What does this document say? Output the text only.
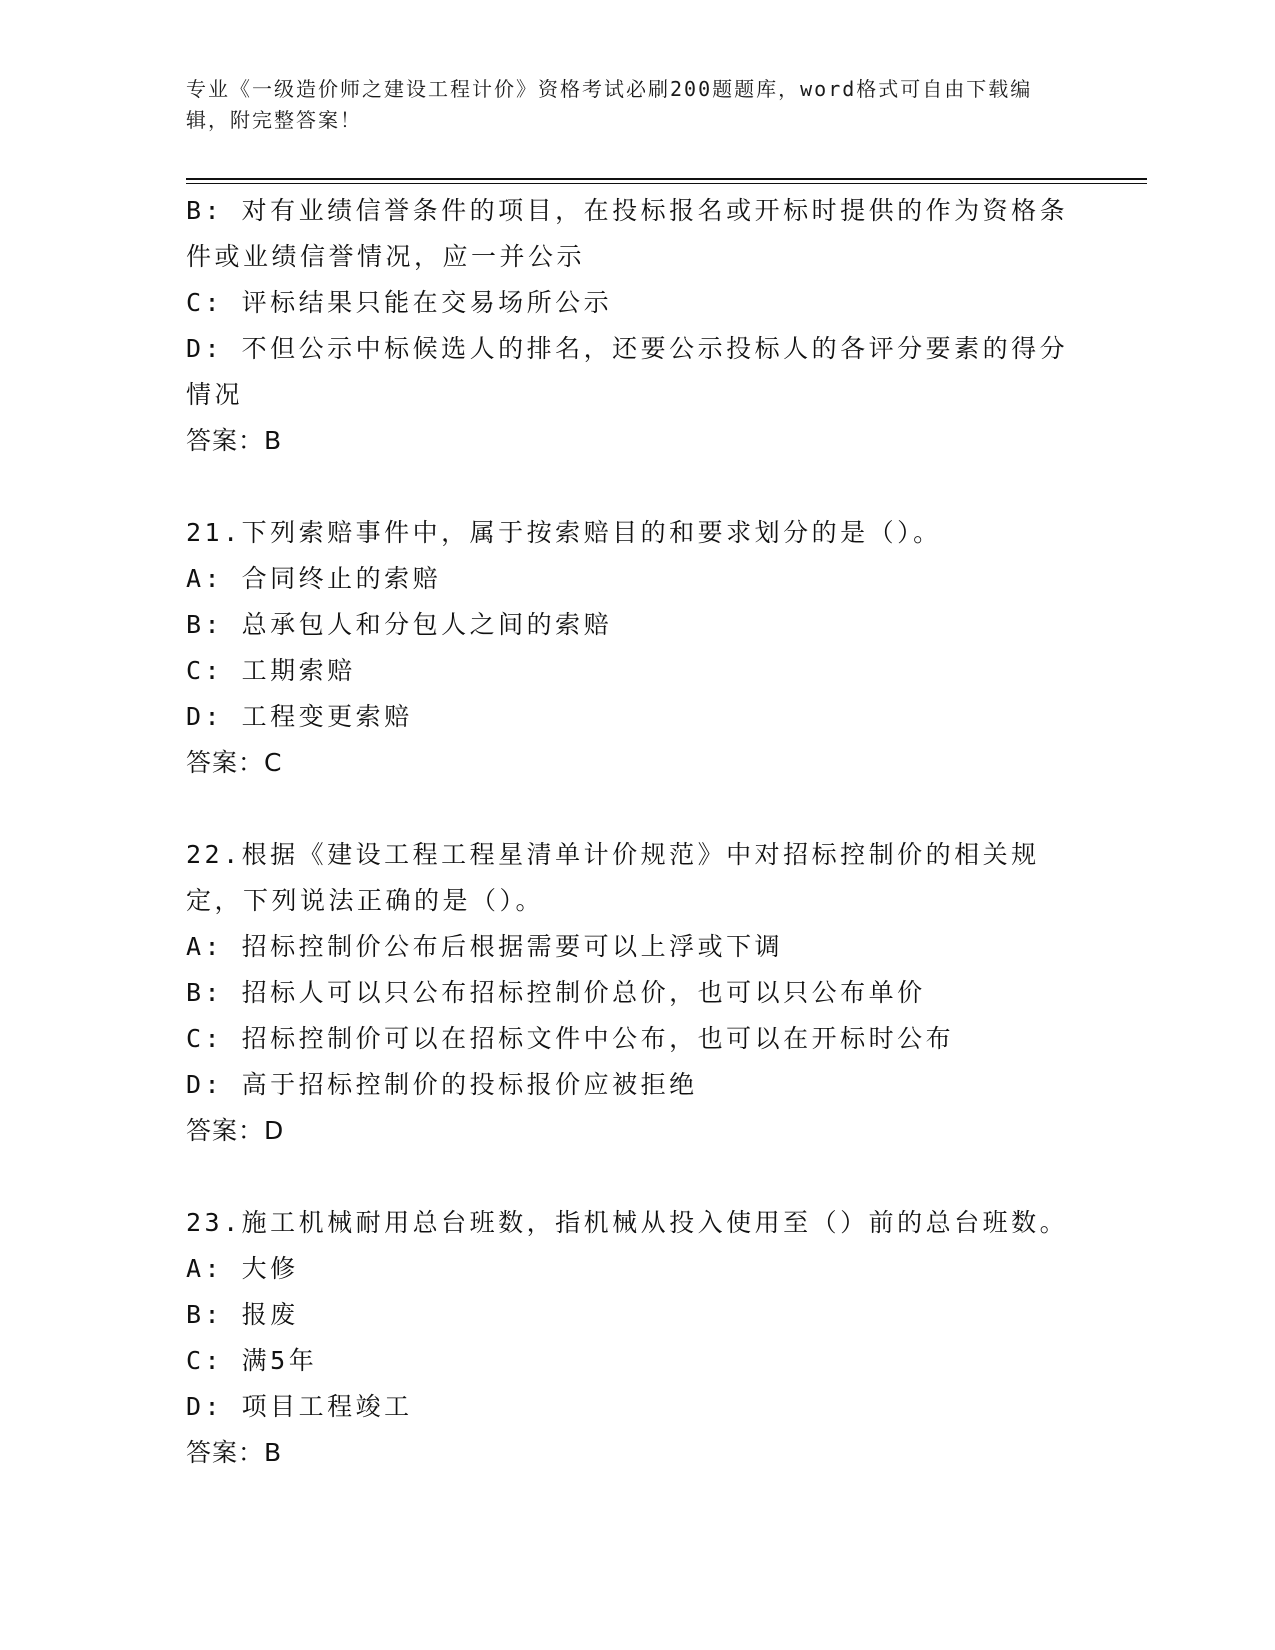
专业《一级造价师之建设工程计价》资格考试必刷200题题库，word格式可自由下载编辑，附完整答案！
B: 对有业绩信誉条件的项目，在投标报名或开标时提供的作为资格条件或业绩信誉情况，应一并公示
C: 评标结果只能在交易场所公示
D: 不但公示中标候选人的排名，还要公示投标人的各评分要素的得分情况
答案：B
21.下列索赔事件中，属于按索赔目的和要求划分的是（）。
A: 合同终止的索赔
B: 总承包人和分包人之间的索赔
C: 工期索赔
D: 工程变更索赔
答案：C
22.根据《建设工程工程星清单计价规范》中对招标控制价的相关规定，下列说法正确的是（）。
A: 招标控制价公布后根据需要可以上浮或下调
B: 招标人可以只公布招标控制价总价，也可以只公布单价
C: 招标控制价可以在招标文件中公布，也可以在开标时公布
D: 高于招标控制价的投标报价应被拒绝
答案：D
23.施工机械耐用总台班数，指机械从投入使用至（）前的总台班数。
A: 大修
B: 报废
C: 满5年
D: 项目工程竣工
答案：B
